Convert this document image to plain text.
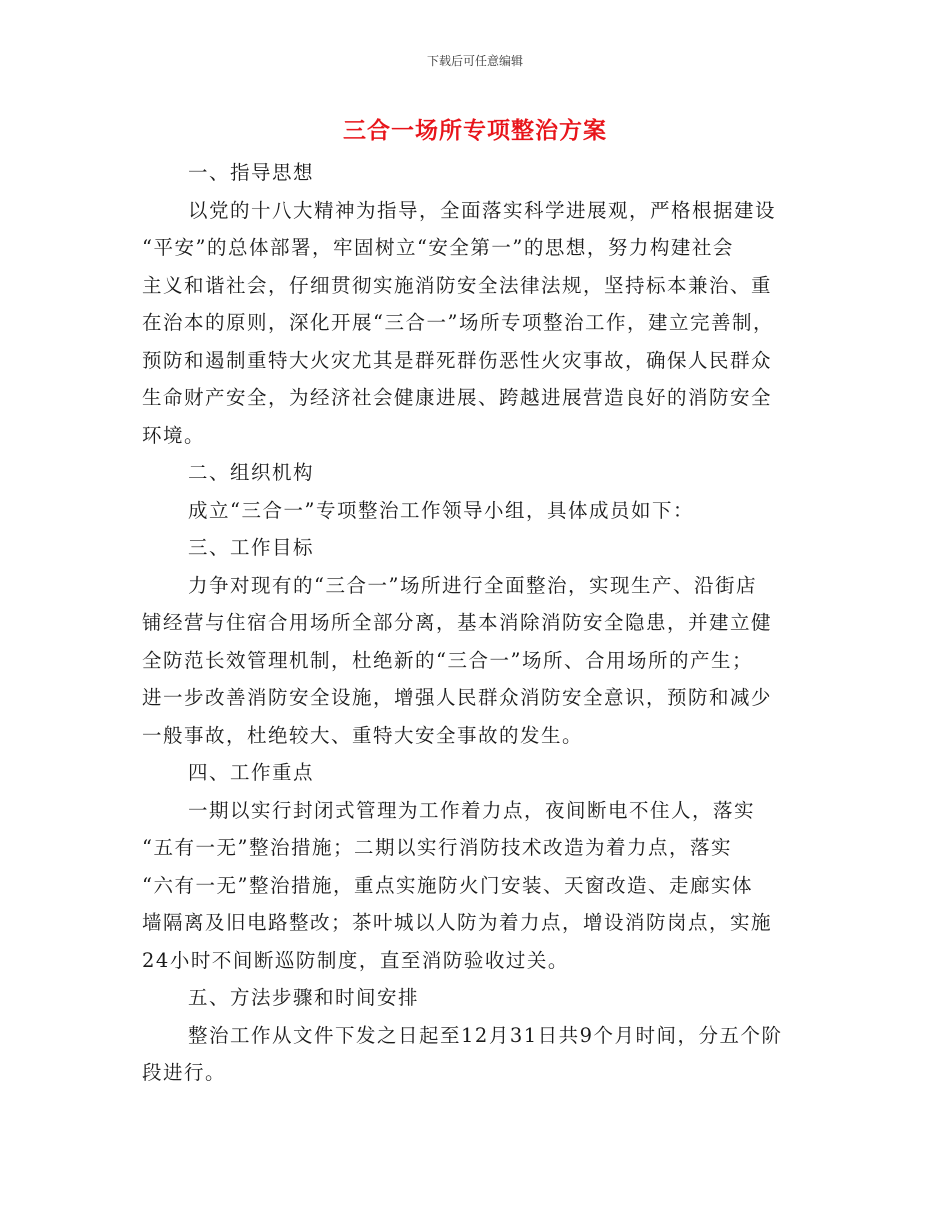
下载后可任意编辑
三合一场所专项整治方案
一、指导思想
以党的十八大精神为指导，全面落实科学进展观，严格根据建设
“平安”的总体部署，牢固树立“安全第一”的思想，努力构建社会
主义和谐社会，仔细贯彻实施消防安全法律法规，坚持标本兼治、重
在治本的原则，深化开展“三合一”场所专项整治工作，建立完善制，
预防和遏制重特大火灾尤其是群死群伤恶性火灾事故，确保人民群众
生命财产安全，为经济社会健康进展、跨越进展营造良好的消防安全
环境。
二、组织机构
成立“三合一”专项整治工作领导小组，具体成员如下：
三、工作目标
力争对现有的“三合一”场所进行全面整治，实现生产、沿街店
铺经营与住宿合用场所全部分离，基本消除消防安全隐患，并建立健
全防范长效管理机制，杜绝新的“三合一”场所、合用场所的产生；
进一步改善消防安全设施，增强人民群众消防安全意识，预防和减少
一般事故，杜绝较大、重特大安全事故的发生。
四、工作重点
一期以实行封闭式管理为工作着力点，夜间断电不住人，落实
“五有一无”整治措施；二期以实行消防技术改造为着力点，落实
“六有一无”整治措施，重点实施防火门安装、天窗改造、走廊实体
墙隔离及旧电路整改；茶叶城以人防为着力点，增设消防岗点，实施
24小时不间断巡防制度，直至消防验收过关。
五、方法步骤和时间安排
整治工作从文件下发之日起至12月31日共9个月时间，分五个阶
段进行。
